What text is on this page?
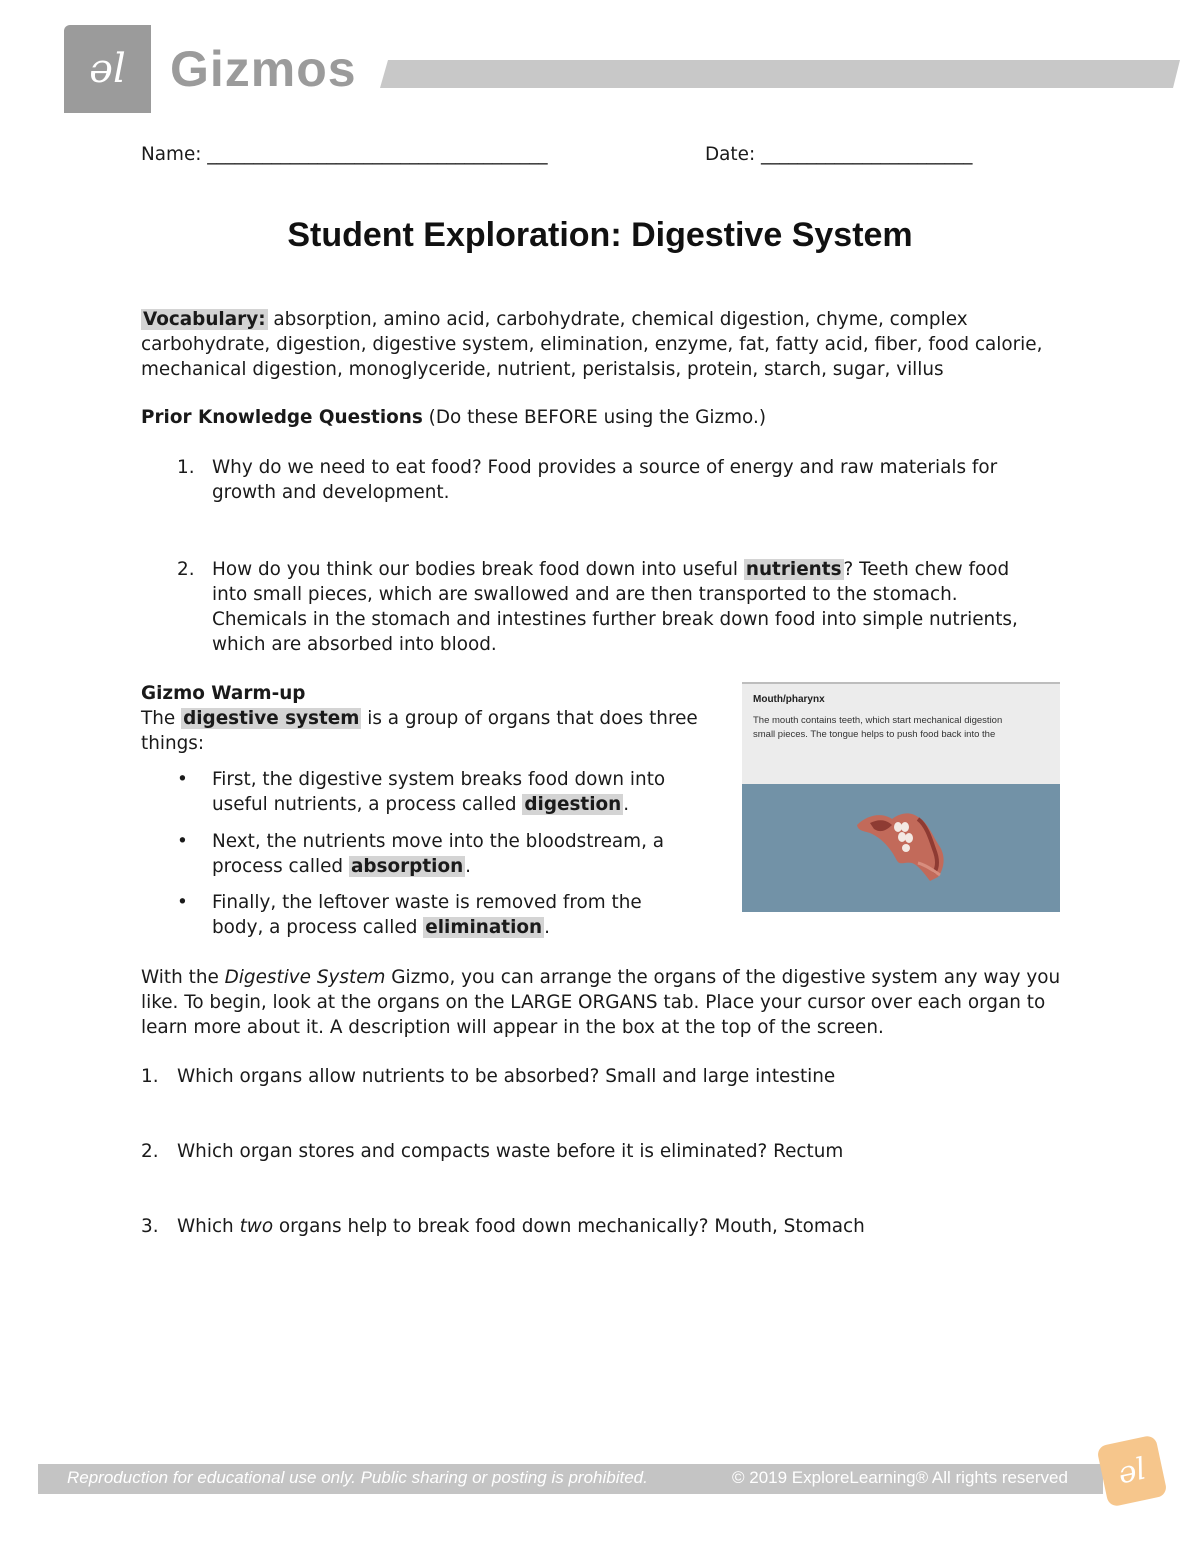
əl Gizmos
Name: _____________________________________	Date: _______________________
Student Exploration: Digestive System
Vocabulary: absorption, amino acid, carbohydrate, chemical digestion, chyme, complex carbohydrate, digestion, digestive system, elimination, enzyme, fat, fatty acid, fiber, food calorie, mechanical digestion, monoglyceride, nutrient, peristalsis, protein, starch, sugar, villus
Prior Knowledge Questions (Do these BEFORE using the Gizmo.)
1. Why do we need to eat food? Food provides a source of energy and raw materials for growth and development.
2. How do you think our bodies break food down into useful nutrients ? Teeth chew food into small pieces, which are swallowed and are then transported to the stomach. Chemicals in the stomach and intestines further break down food into simple nutrients, which are absorbed into blood.
Gizmo Warm-up
The digestive system is a group of organs that does three things:
• First, the digestive system breaks food down into useful nutrients, a process called digestion .
• Next, the nutrients move into the bloodstream, a process called absorption .
• Finally, the leftover waste is removed from the body, a process called elimination .
Mouth/pharynx
The mouth contains teeth, which start mechanical digestion
small pieces. The tongue helps to push food back into the
With the Digestive System Gizmo, you can arrange the organs of the digestive system any way you like. To begin, look at the organs on the LARGE ORGANS tab. Place your cursor over each organ to learn more about it. A description will appear in the box at the top of the screen.
1. Which organs allow nutrients to be absorbed? Small and large intestine
2. Which organ stores and compacts waste before it is eliminated? Rectum
3. Which two organs help to break food down mechanically? Mouth, Stomach
Reproduction for educational use only. Public sharing or posting is prohibited.	© 2019 ExploreLearning® All rights reserved	əl
